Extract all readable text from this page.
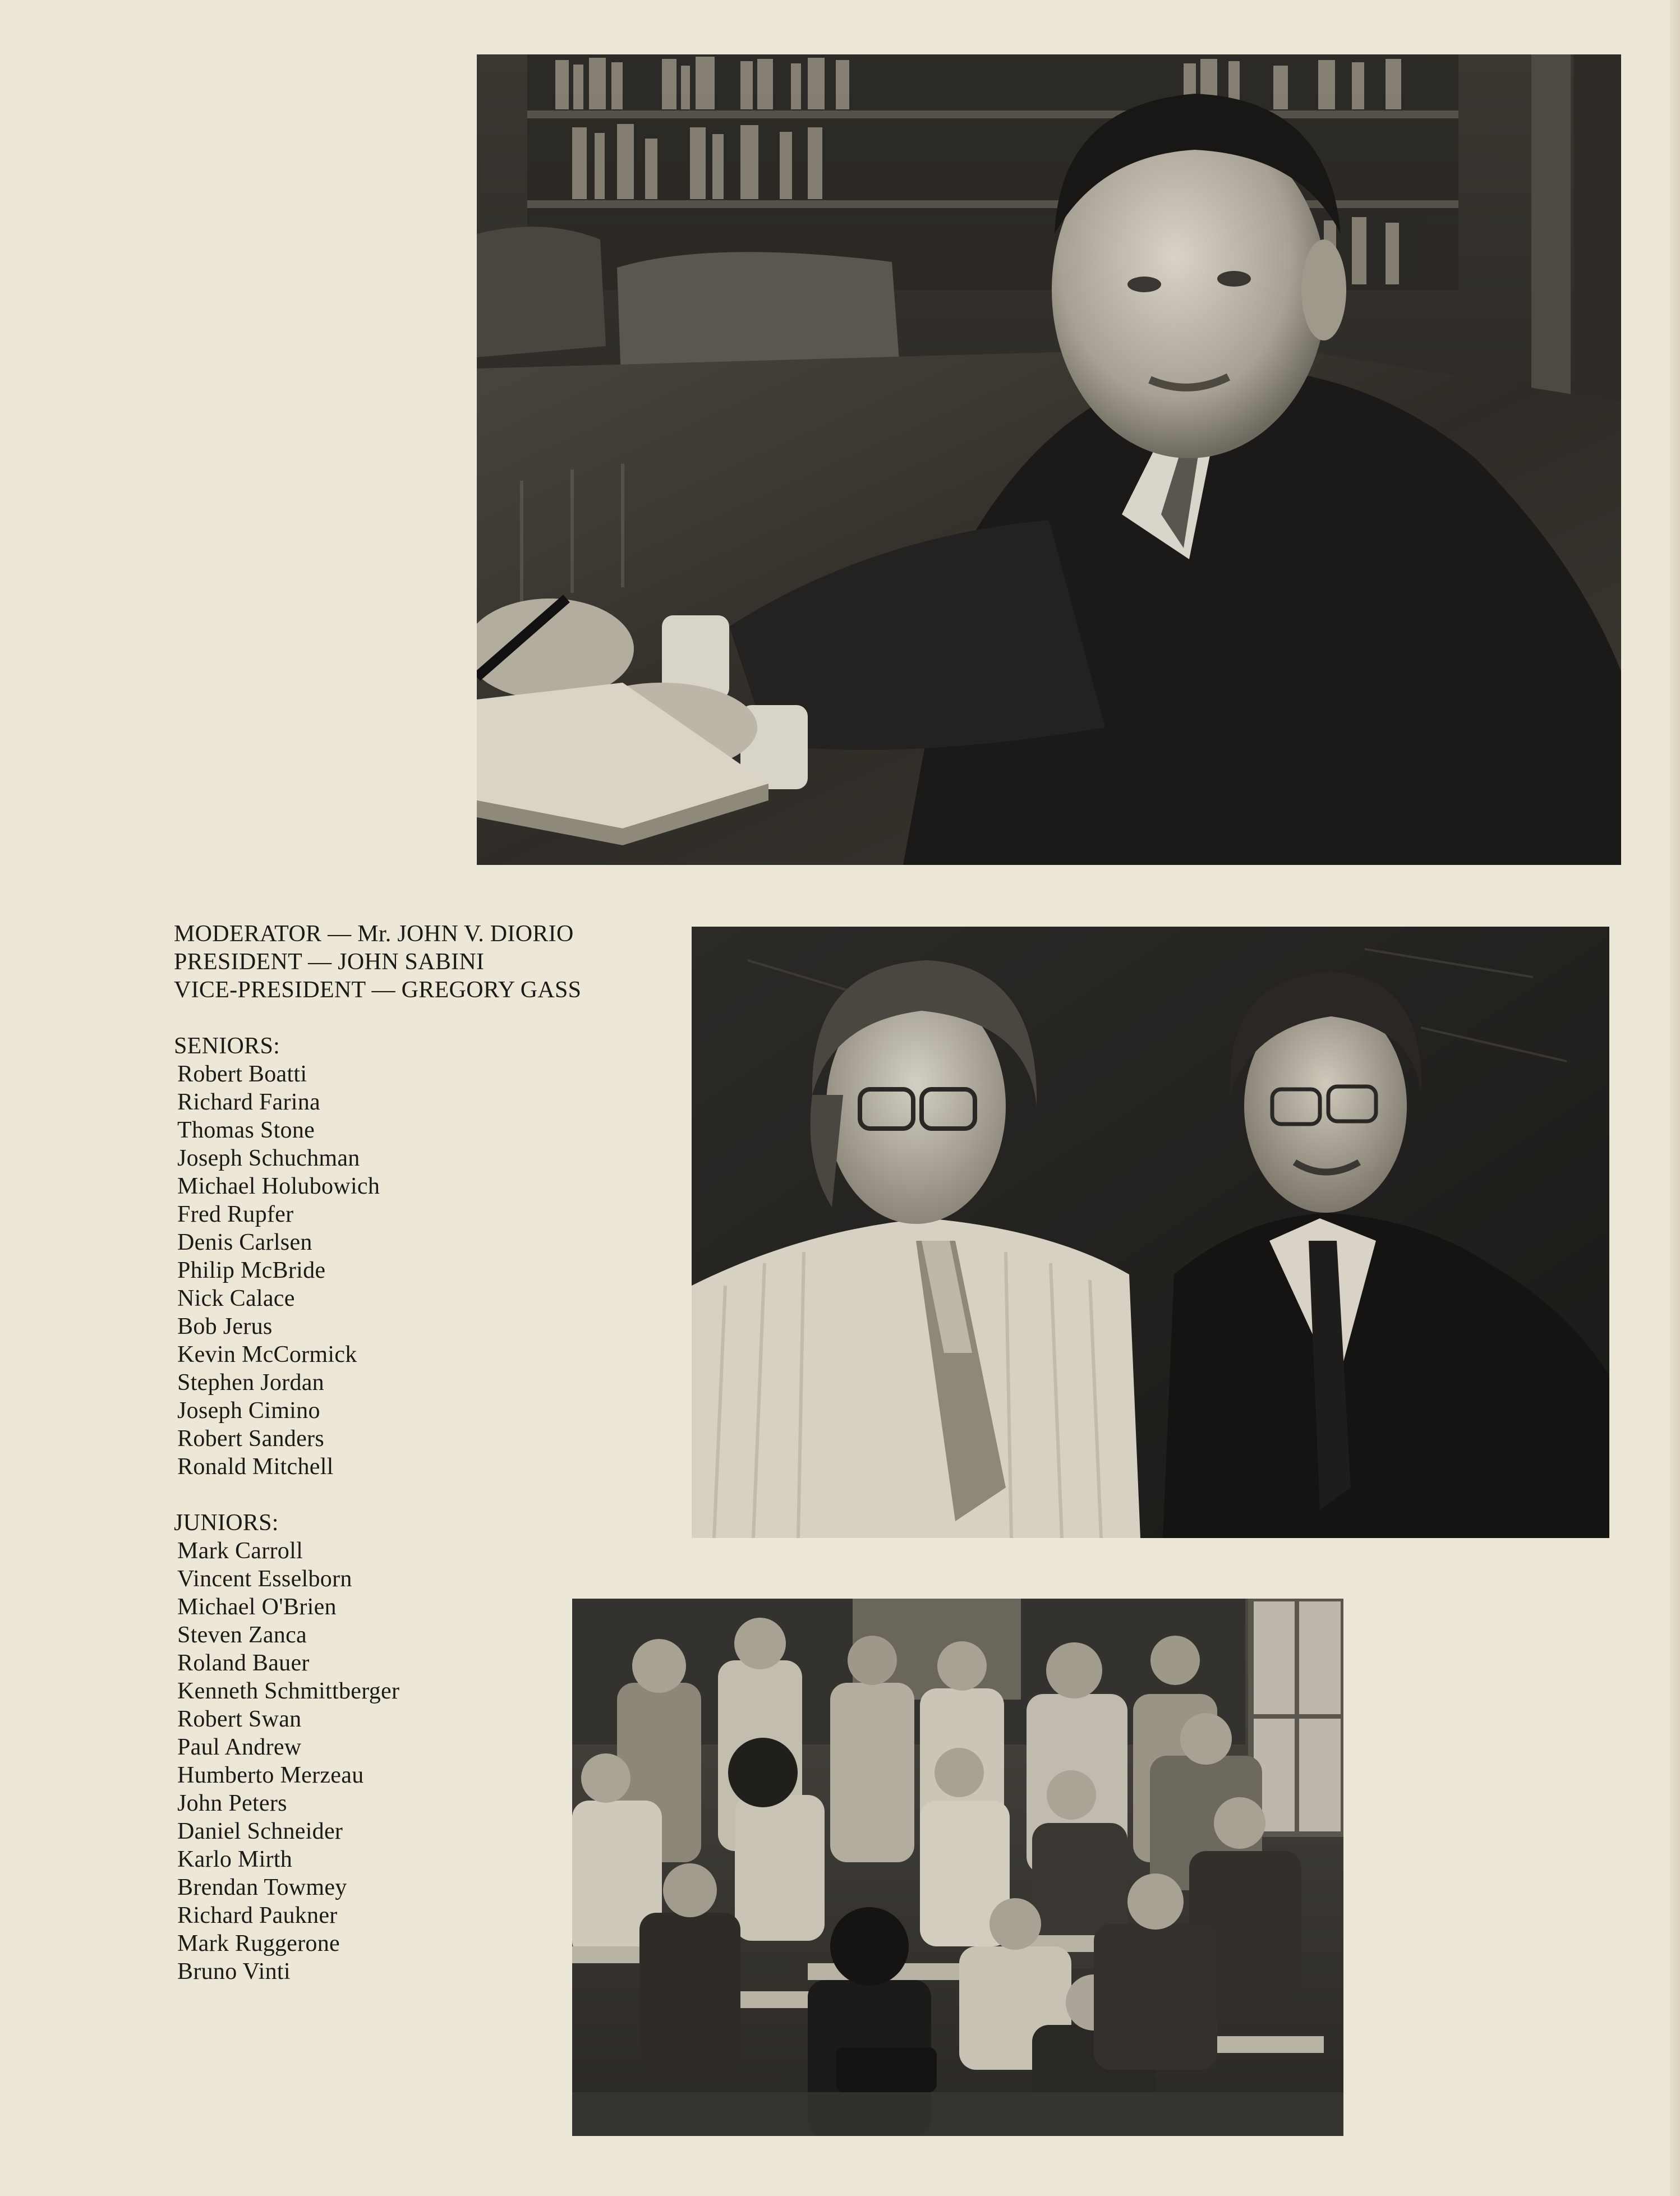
MODERATOR — Mr. JOHN V. DIORIO
PRESIDENT — JOHN SABINI
VICE-PRESIDENT — GREGORY GASS
SENIORS:
Robert Boatti
Richard Farina
Thomas Stone
Joseph Schuchman
Michael Holubowich
Fred Rupfer
Denis Carlsen
Philip McBride
Nick Calace
Bob Jerus
Kevin McCormick
Stephen Jordan
Joseph Cimino
Robert Sanders
Ronald Mitchell
JUNIORS:
Mark Carroll
Vincent Esselborn
Michael O'Brien
Steven Zanca
Roland Bauer
Kenneth Schmittberger
Robert Swan
Paul Andrew
Humberto Merzeau
John Peters
Daniel Schneider
Karlo Mirth
Brendan Towmey
Richard Paukner
Mark Ruggerone
Bruno Vinti
